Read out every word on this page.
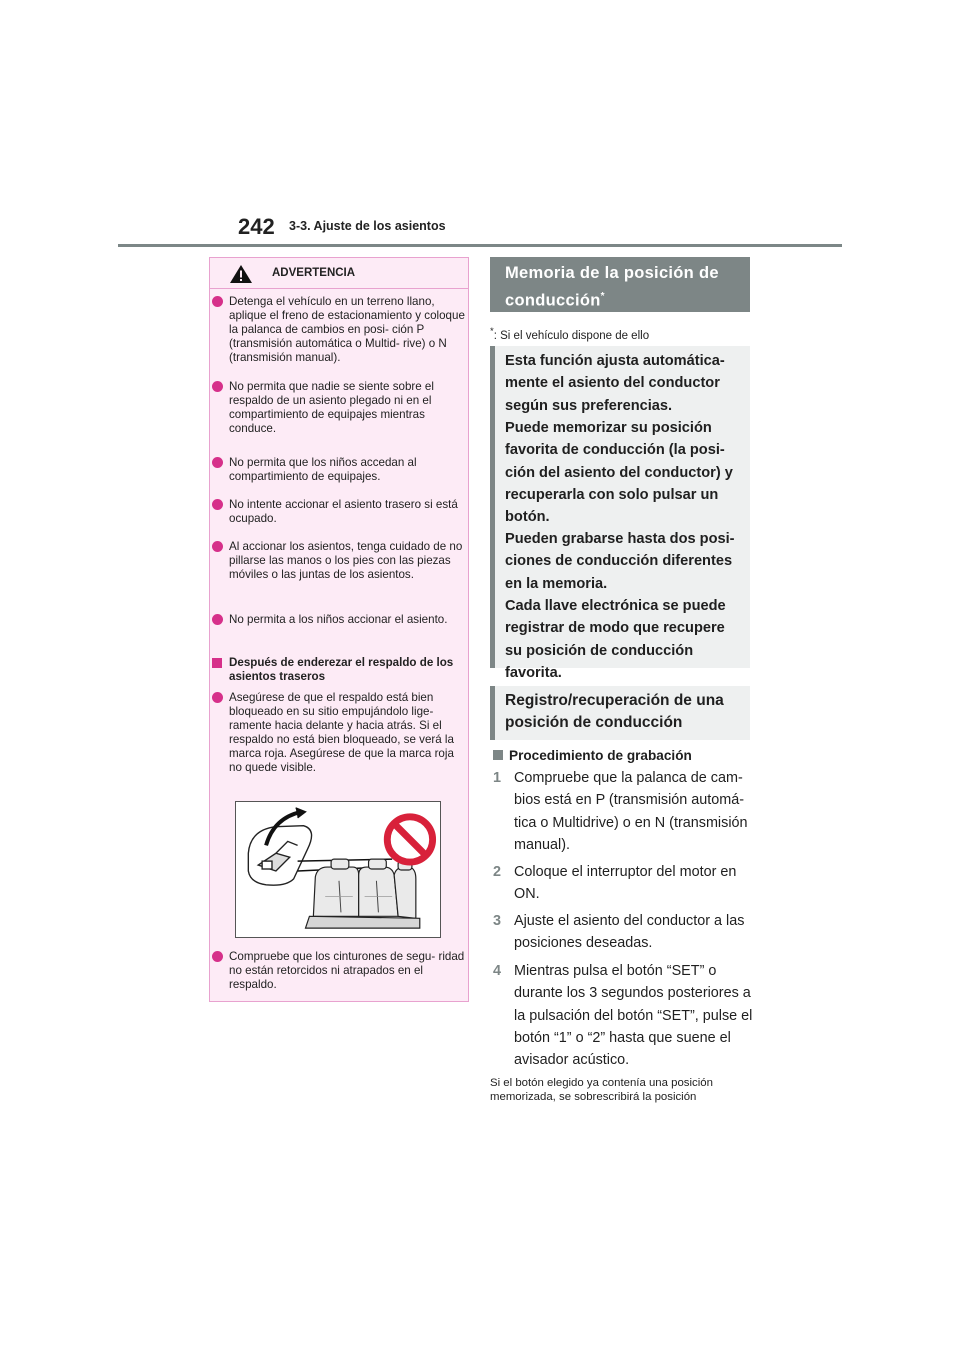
242 3-3. Ajuste de los asientos
ADVERTENCIA
Detenga el vehículo en un terreno llano, aplique el freno de estacionamiento y coloque la palanca de cambios en posi- ción P (transmisión automática o Multid- rive) o N (transmisión manual).
No permita que nadie se siente sobre el respaldo de un asiento plegado ni en el compartimiento de equipajes mientras conduce.
No permita que los niños accedan al compartimiento de equipajes.
No intente accionar el asiento trasero si está ocupado.
Al accionar los asientos, tenga cuidado de no pillarse las manos o los pies con las piezas móviles o las juntas de los asientos.
No permita a los niños accionar el asiento.
Después de enderezar el respaldo de los asientos traseros
Asegúrese de que el respaldo está bien bloqueado en su sitio empujándolo lige- ramente hacia delante y hacia atrás. Si el respaldo no está bien bloqueado, se verá la marca roja. Asegúrese de que la marca roja no quede visible.
Compruebe que los cinturones de segu- ridad no están retorcidos ni atrapados en el respaldo.
Memoria de la posición de conducción*
*: Si el vehículo dispone de ello

Esta función ajusta automática- mente el asiento del conductor según sus preferencias.

Puede memorizar su posición favorita de conducción (la posi- ción del asiento del conductor) y recuperarla con solo pulsar un botón.

Pueden grabarse hasta dos posi- ciones de conducción diferentes en la memoria.

Cada llave electrónica se puede registrar de modo que recupere su posición de conducción favorita.

Registro/recuperación de una posición de conducción
Procedimiento de grabación
1 Compruebe que la palanca de cam- bios está en P (transmisión automá- tica o Multidrive) o en N (transmisión manual).
2 Coloque el interruptor del motor en ON.
3 Ajuste el asiento del conductor a las posiciones deseadas.
4 Mientras pulsa el botón “SET” o durante los 3 segundos posteriores a la pulsación del botón “SET”, pulse el botón “1” o “2” hasta que suene el avisador acústico.
Si el botón elegido ya contenía una posición memorizada, se sobrescribirá la posición
